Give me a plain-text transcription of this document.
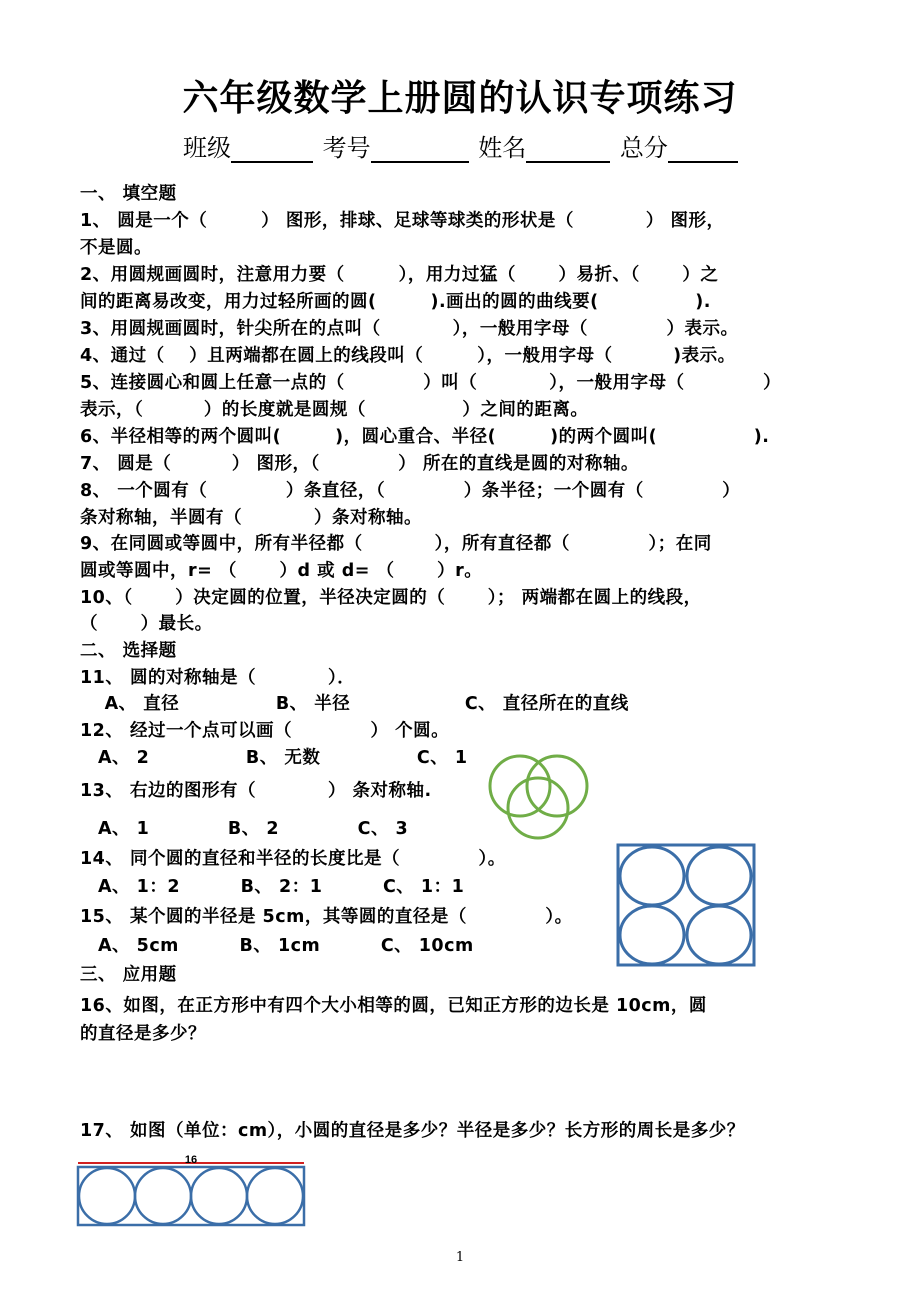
六年级数学上册圆的认识专项练习
班级	考号	姓名	总分
一、 填空题
1、 圆是一个（　　　） 图形，排球、足球等球类的形状是（　　　　） 图形，
不是圆。
2、用圆规画圆时，注意用力要（　　　），用力过猛（　　 ）易折、（　　 ）之
间的距离易改变，用力过轻所画的圆(　　　).画出的圆的曲线要(　　　　　 ).
3、用圆规画圆时，针尖所在的点叫（　　　　），一般用字母（　　　　 ）表示。
4、通过（　 ）且两端都在圆上的线段叫（　　　），一般用字母（　　　 )表示。
5、连接圆心和圆上任意一点的（　　　　 ）叫（　　　　），一般用字母（　　　　 ）
表示，（　　　 ）的长度就是圆规（　　　　　 ）之间的距离。
6、半径相等的两个圆叫(　　　)，圆心重合、半径(　　　)的两个圆叫(　　　　　 ).
7、 圆是（　　　 ） 图形，（　　　　 ） 所在的直线是圆的对称轴。
8、 一个圆有（　　　　 ）条直径，（　　　　 ）条半径；一个圆有（　　　　 ）
条对称轴，半圆有（　　　　）条对称轴。
9、在同圆或等圆中，所有半径都（　　　　），所有直径都（　　　　 ）；在同
圆或等圆中，r= （　　 ）d 或 d= （　　 ）r。
10、（　　 ）决定圆的位置，半径决定圆的（　　 ）； 两端都在圆上的线段，
（　　 ）最长。
二、 选择题
11、 圆的对称轴是（　　　　）．
　 A、 直径　　　　　 B、 半径　　　　　　 C、 直径所在的直线
12、 经过一个点可以画（　　　　 ） 个圆。
　A、 2　　　　　 B、 无数　　　　　 C、 1
13、 右边的图形有（　　　　） 条对称轴.
　A、 1　　　　 B、 2　　　　 C、 3
14、 同个圆的直径和半径的长度比是（　　　　 ）。
　A、 1：2　　　 B、 2：1　　　 C、 1：1
15、 某个圆的半径是 5cm，其等圆的直径是（　　　　 ）。
　A、 5cm　　　 B、 1cm　　　 C、 10cm
三、 应用题
16、如图，在正方形中有四个大小相等的圆，已知正方形的边长是 10cm，圆
的直径是多少？
17、 如图（单位：cm），小圆的直径是多少？半径是多少？长方形的周长是多少？
16
1
